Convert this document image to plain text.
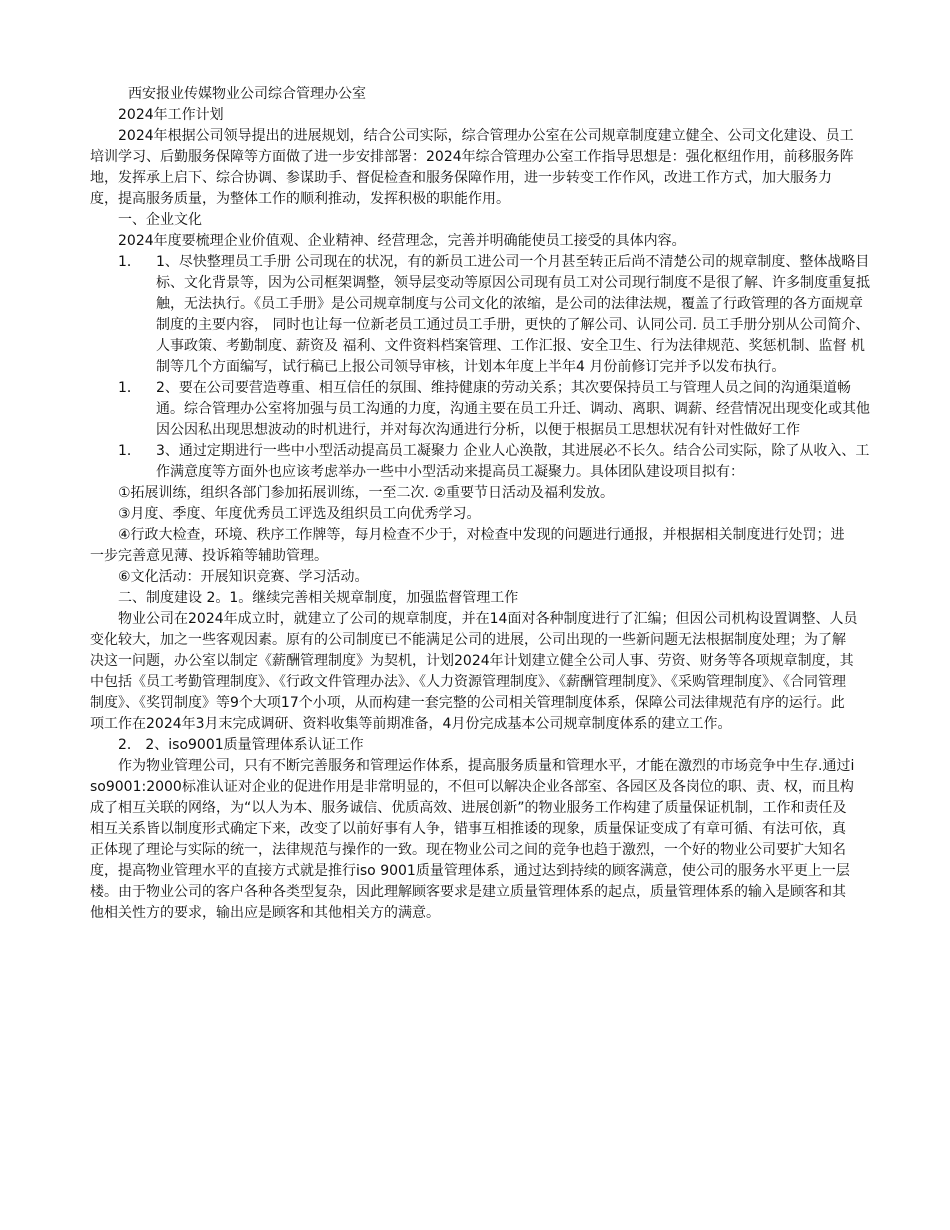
西安报业传媒物业公司综合管理办公室

2024年工作计划

2024年根据公司领导提出的进展规划，结合公司实际，综合管理办公室在公司规章制度建立健全、公司文化建设、员工培训学习、后勤服务保障等方面做了进一步安排部署：2024年综合管理办公室工作指导思想是：强化枢纽作用，前移服务阵地，发挥承上启下、综合协调、参谋助手、督促检查和服务保障作用，进一步转变工作作风，改进工作方式，加大服务力度，提高服务质量，为整体工作的顺利推动，发挥积极的职能作用。

一、企业文化

2024年度要梳理企业价值观、企业精神、经营理念，完善并明确能使员工接受的具体内容。

1． 1、尽快整理员工手册 公司现在的状况，有的新员工进公司一个月甚至转正后尚不清楚公司的规章制度、整体战略目标、文化背景等，因为公司框架调整，领导层变动等原因公司现有员工对公司现行制度不是很了解、许多制度重复抵触，无法执行。《员工手册》是公司规章制度与公司文化的浓缩，是公司的法律法规，覆盖了行政管理的各方面规章制度的主要内容， 同时也让每一位新老员工通过员工手册，更快的了解公司、认同公司. 员工手册分别从公司简介、人事政策、考勤制度、薪资及 福利、文件资料档案管理、工作汇报、安全卫生、行为法律规范、奖惩机制、监督 机制等几个方面编写，试行稿已上报公司领导审核，计划本年度上半年4 月份前修订完并予以发布执行。
1． 2、要在公司要营造尊重、相互信任的氛围、维持健康的劳动关系；其次要保持员工与管理人员之间的沟通渠道畅通。综合管理办公室将加强与员工沟通的力度，沟通主要在员工升迁、调动、离职、调薪、经营情况出现变化或其他因公因私出现思想波动的时机进行，并对每次沟通进行分析，以便于根据员工思想状况有针对性做好工作
1． 3、通过定期进行一些中小型活动提高员工凝聚力 企业人心涣散，其进展必不长久。结合公司实际，除了从收入、工作满意度等方面外也应该考虑举办一些中小型活动来提高员工凝聚力。具体团队建设项目拟有：

①拓展训练，组织各部门参加拓展训练，一至二次. ②重要节日活动及福利发放。

③月度、季度、年度优秀员工评选及组织员工向优秀学习。

④行政大检查，环境、秩序工作牌等，每月检查不少于，对检查中发现的问题进行通报，并根据相关制度进行处罚；进一步完善意见薄、投诉箱等辅助管理。

⑥文化活动：开展知识竞赛、学习活动。

二、制度建设 2。1。继续完善相关规章制度，加强监督管理工作

物业公司在2024年成立时，就建立了公司的规章制度，并在14面对各种制度进行了汇编；但因公司机构设置调整、人员变化较大，加之一些客观因素。原有的公司制度已不能满足公司的进展，公司出现的一些新问题无法根据制度处理；为了解决这一问题，办公室以制定《薪酬管理制度》为契机，计划2024年计划建立健全公司人事、劳资、财务等各项规章制度，其中包括《员工考勤管理制度》、《行政文件管理办法》、《人力资源管理制度》、《薪酬管理制度》、《采购管理制度》、《合同管理制度》、《奖罚制度》等9个大项17个小项，从而构建一套完整的公司相关管理制度体系，保障公司法律规范有序的运行。此项工作在2024年3月末完成调研、资料收集等前期准备，4月份完成基本公司规章制度体系的建立工作。

2． 2、iso9001质量管理体系认证工作

作为物业管理公司，只有不断完善服务和管理运作体系，提高服务质量和管理水平，才能在激烈的市场竞争中生存.通过iso9001:2000标准认证对企业的促进作用是非常明显的，不但可以解决企业各部室、各园区及各岗位的职、责、权，而且构成了相互关联的网络，为“以人为本、服务诚信、优质高效、进展创新”的物业服务工作构建了质量保证机制，工作和责任及相互关系皆以制度形式确定下来，改变了以前好事有人争，错事互相推诿的现象，质量保证变成了有章可循、有法可依，真正体现了理论与实际的统一，法律规范与操作的一致。现在物业公司之间的竞争也趋于激烈，一个好的物业公司要扩大知名度，提高物业管理水平的直接方式就是推行iso 9001质量管理体系，通过达到持续的顾客满意，使公司的服务水平更上一层楼。由于物业公司的客户各种各类型复杂，因此理解顾客要求是建立质量管理体系的起点，质量管理体系的输入是顾客和其他相关性方的要求，输出应是顾客和其他相关方的满意。
